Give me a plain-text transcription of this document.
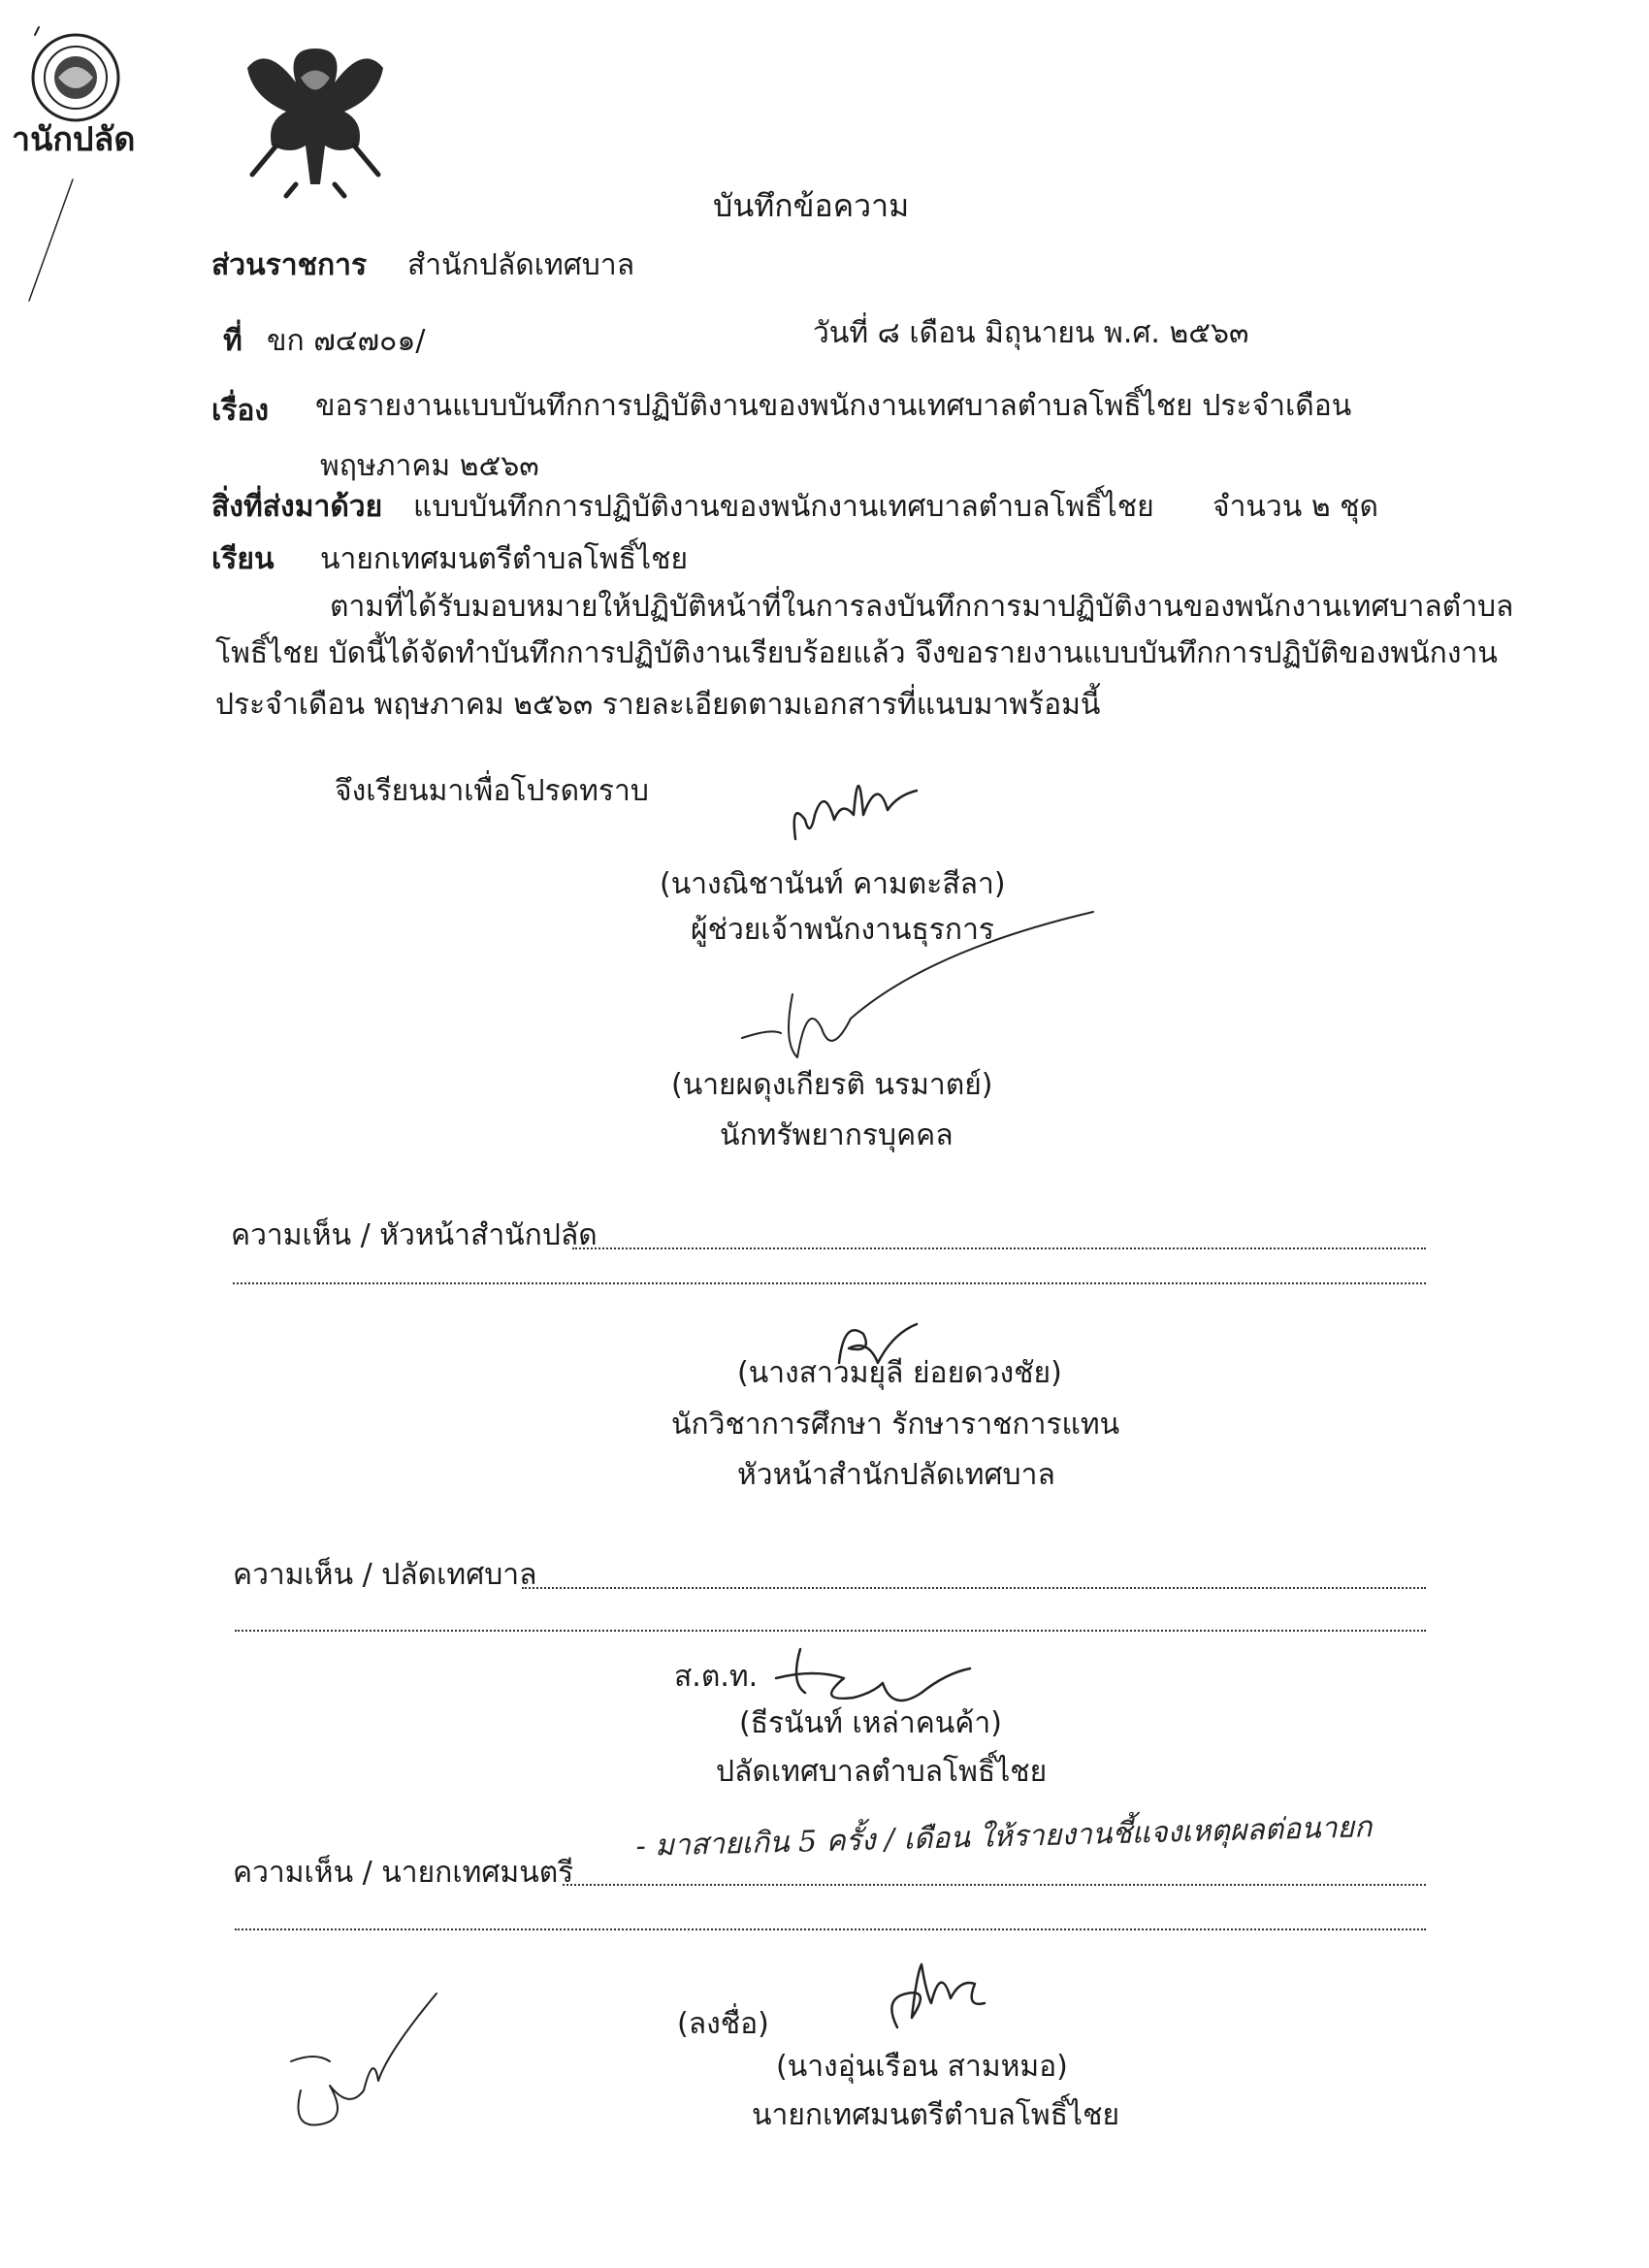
านักปลัด
บันทึกข้อความ
ส่วนราชการ สำนักปลัดเทศบาล
ที่ ขก ๗๔๗๐๑/	วันที่ ๘ เดือน มิถุนายน พ.ศ. ๒๕๖๓
เรื่อง ขอรายงานแบบบันทึกการปฏิบัติงานของพนักงานเทศบาลตำบลโพธิ์ไชย ประจำเดือน
พฤษภาคม ๒๕๖๓
สิ่งที่ส่งมาด้วย แบบบันทึกการปฏิบัติงานของพนักงานเทศบาลตำบลโพธิ์ไชย จำนวน ๒ ชุด
เรียน นายกเทศมนตรีตำบลโพธิ์ไชย
ตามที่ได้รับมอบหมายให้ปฏิบัติหน้าที่ในการลงบันทึกการมาปฏิบัติงานของพนักงานเทศบาลตำบล
โพธิ์ไชย บัดนี้ได้จัดทำบันทึกการปฏิบัติงานเรียบร้อยแล้ว จึงขอรายงานแบบบันทึกการปฏิบัติของพนักงาน
ประจำเดือน พฤษภาคม ๒๕๖๓ รายละเอียดตามเอกสารที่แนบมาพร้อมนี้
จึงเรียนมาเพื่อโปรดทราบ
(นางณิชานันท์ คามตะสีลา)
ผู้ช่วยเจ้าพนักงานธุรการ
(นายผดุงเกียรติ นรมาตย์)
นักทรัพยากรบุคคล
ความเห็น / หัวหน้าสำนักปลัด
(นางสาวมยุลี ย่อยดวงชัย)
นักวิชาการศึกษา รักษาราชการแทน
หัวหน้าสำนักปลัดเทศบาล
ความเห็น / ปลัดเทศบาล
ส.ต.ท.
(ธีรนันท์ เหล่าคนค้า)
ปลัดเทศบาลตำบลโพธิ์ไชย
ความเห็น / นายกเทศมนตรี
- มาสายเกิน 5 ครั้ง / เดือน ให้รายงานชี้แจงเหตุผลต่อนายก
(ลงชื่อ)
(นางอุ่นเรือน สามหมอ)
นายกเทศมนตรีตำบลโพธิ์ไชย
